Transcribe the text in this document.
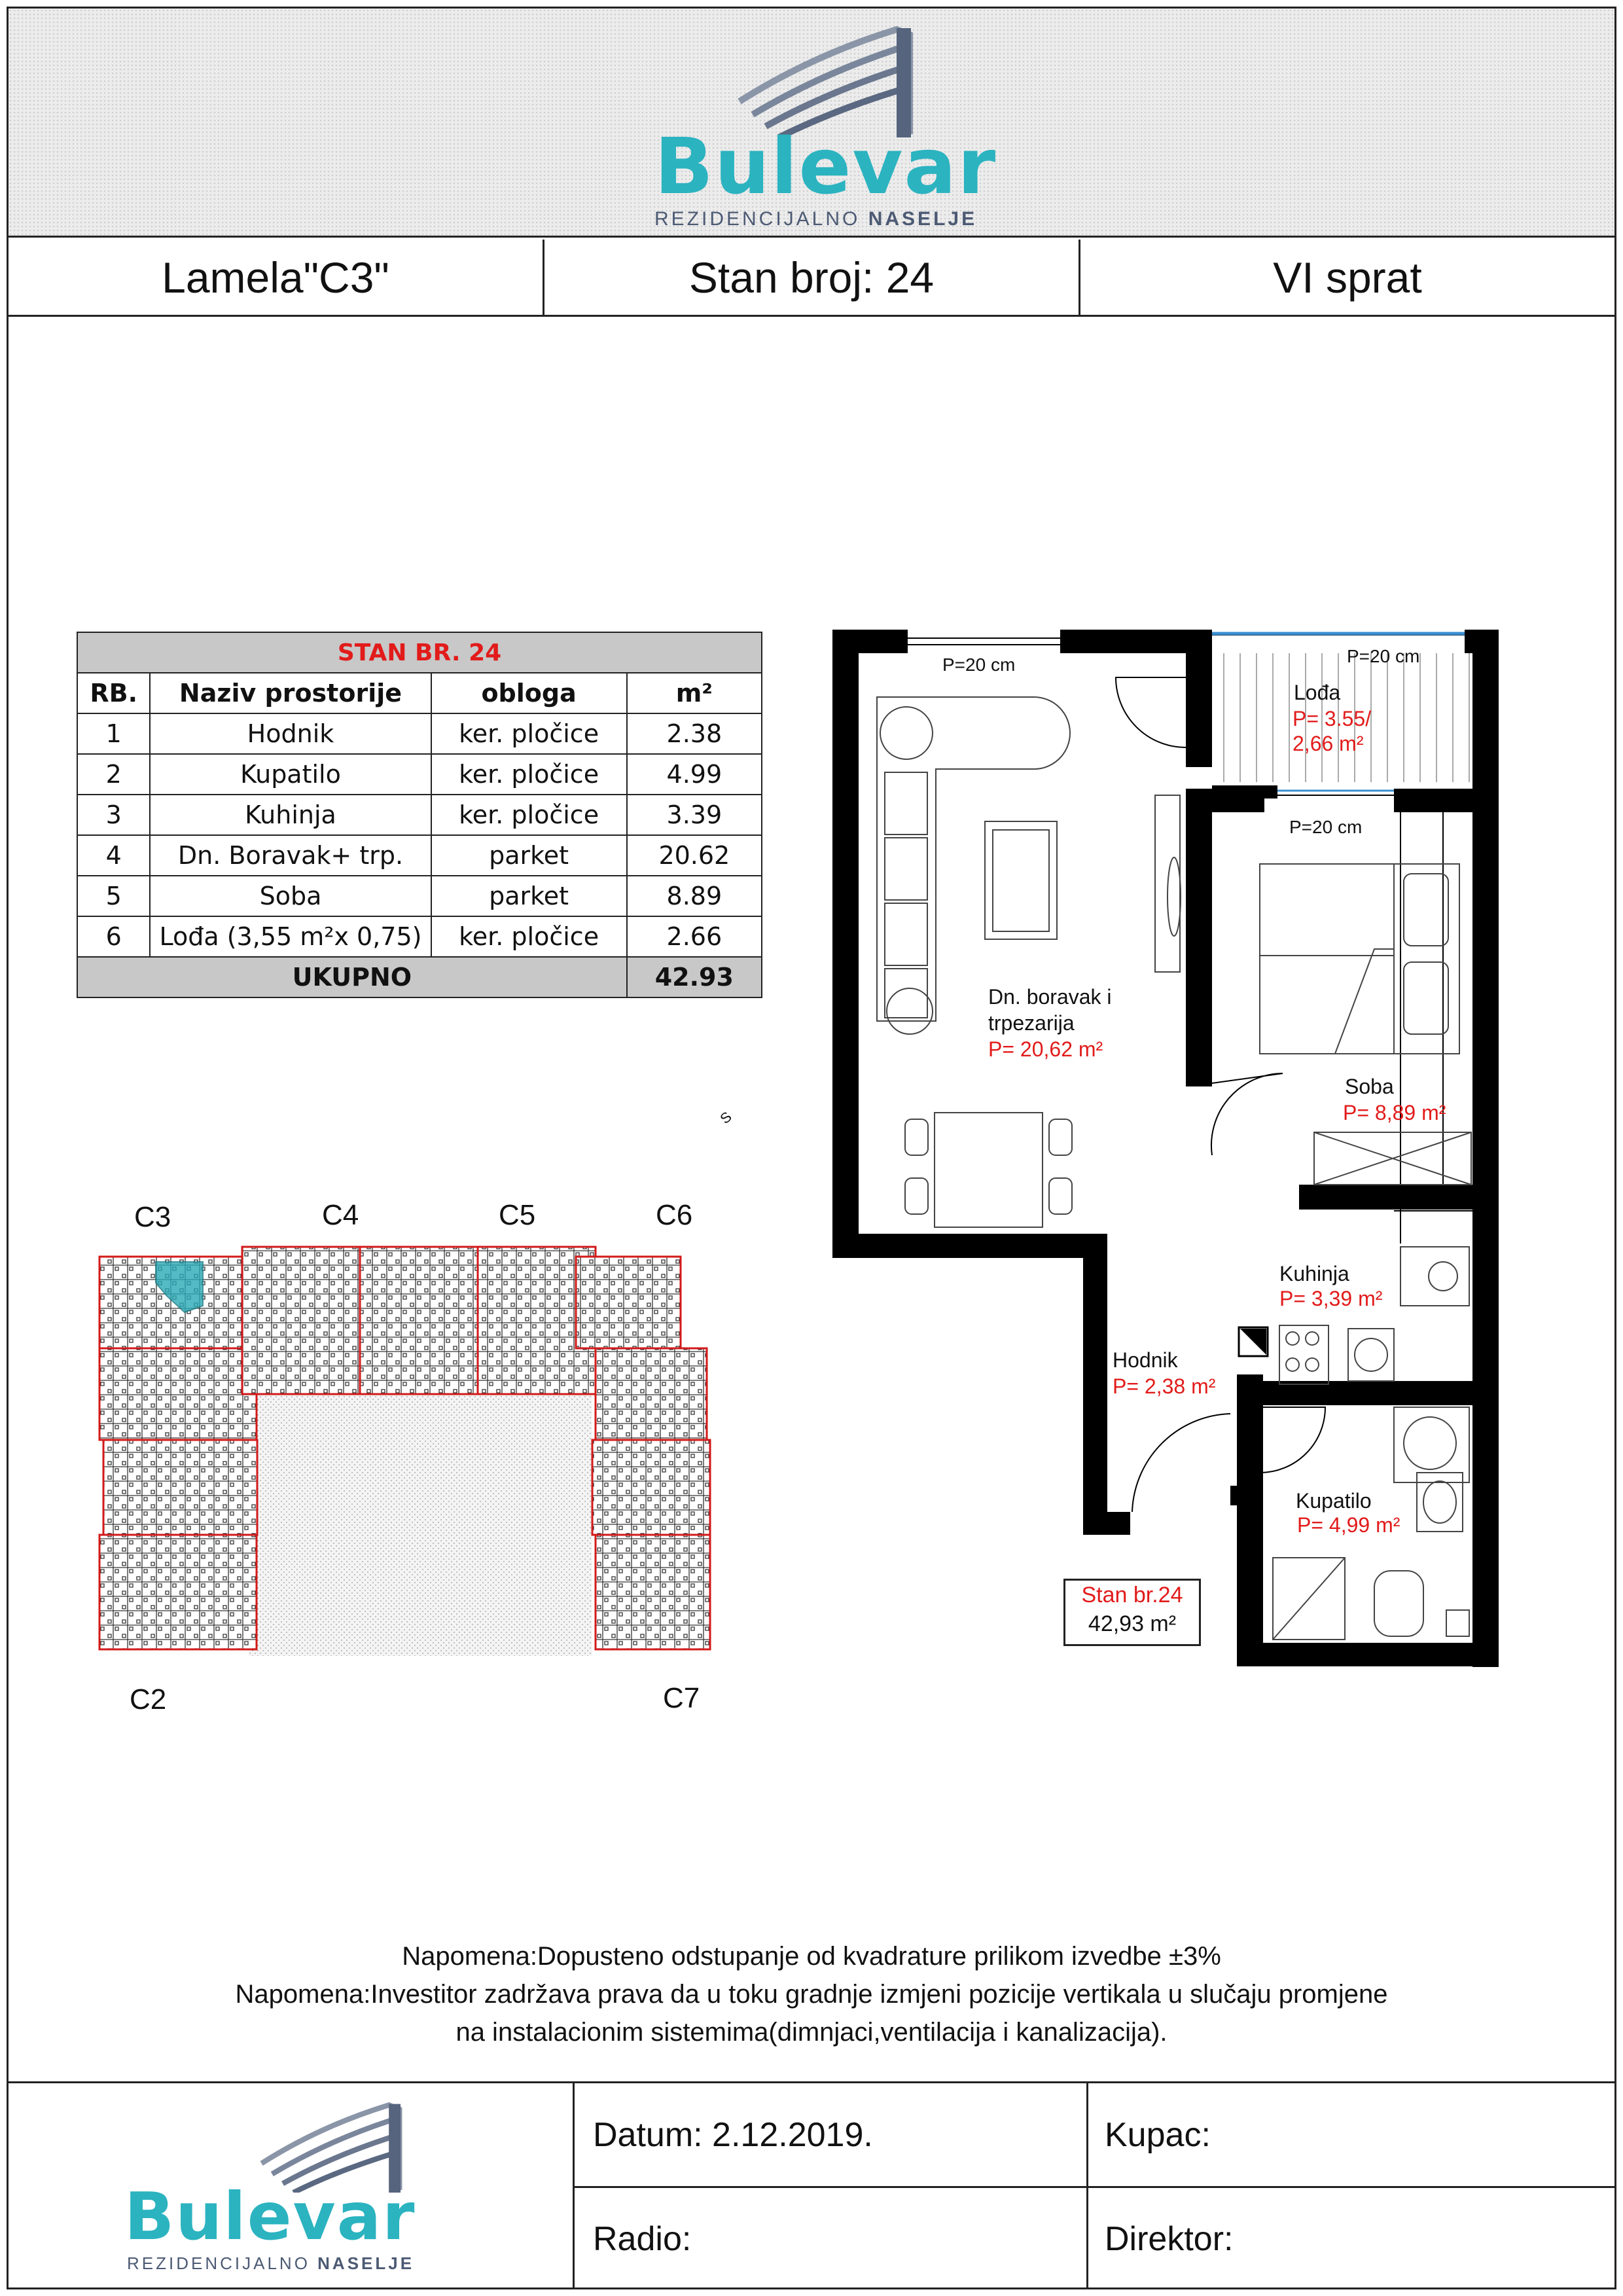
Bulevar
REZIDENCIJALNO NASELJE
Lamela"C3"	Stan broj: 24	VI sprat
STAN BR. 24			
RB.	Naziv prostorije	obloga	m²
1	Hodnik	ker. pločice	2.38
2	Kupatilo	ker. pločice	4.99
3	Kuhinja	ker. pločice	3.39
4	Dn. Boravak+ trp.	parket	20.62
5	Soba	parket	8.89
6	Lođa (3,55 m²x 0,75)	ker. pločice	2.66
UKUPNO			42.93
P=20 cm	P=20 cm
P=20 cm
Lođa
P= 3.55/
2,66 m²
Dn. boravak i
trpezarija
P= 20,62 m²
Soba
P= 8,89 m²
Kuhinja
P= 3,39 m²
Hodnik
P= 2,38 m²
Kupatilo
P= 4,99 m²
S
Stan br.24
42,93 m²
C3	C4	C5	C6
C2	C7
Napomena:Dopusteno odstupanje od kvadrature prilikom izvedbe ±3%
Napomena:Investitor zadržava prava da u toku gradnje izmjeni pozicije vertikala u slučaju promjene
na instalacionim sistemima(dimnjaci,ventilacija i kanalizacija).
Datum: 2.12.2019.	Kupac:
Radio:	Direktor:
Bulevar
REZIDENCIJALNO NASELJE
